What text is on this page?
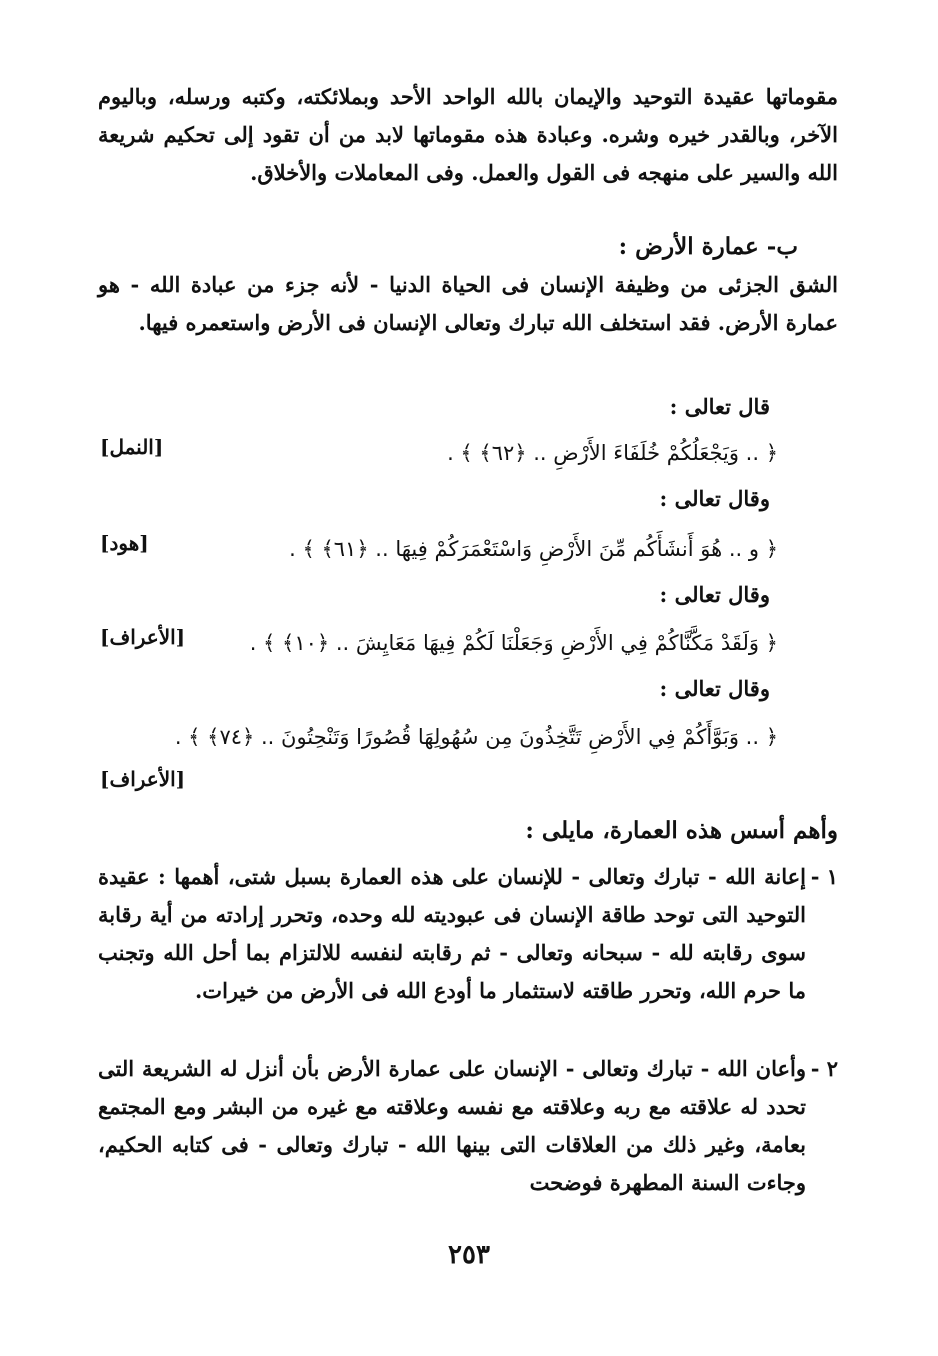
مقوماتها عقيدة التوحيد والإيمان بالله الواحد الأحد وبملائكته، وكتبه ورسله، وباليوم الآخر، وبالقدر خيره وشره. وعبادة هذه مقوماتها لابد من أن تقود إلى تحكيم شريعة الله والسير على منهجه فى القول والعمل. وفى المعاملات والأخلاق.
ب- عمارة الأرض :
الشق الجزئى من وظيفة الإنسان فى الحياة الدنيا - لأنه جزء من عبادة الله - هو عمارة الأرض. فقد استخلف الله تبارك وتعالى الإنسان فى الأرض واستعمره فيها.
قال تعالى :
﴿ .. وَيَجْعَلُكُمْ خُلَفَاءَ الأَرْضِ .. ﴿٦٢﴾ ﴾ .
[النمل]
وقال تعالى :
﴿ و .. هُوَ أَنشَأَكُم مِّنَ الأَرْضِ وَاسْتَعْمَرَكُمْ فِيهَا .. ﴿٦١﴾ ﴾ .
[هود]
وقال تعالى :
﴿ وَلَقَدْ مَكَّنَّاكُمْ فِي الأَرْضِ وَجَعَلْنَا لَكُمْ فِيهَا مَعَايِشَ .. ﴿١٠﴾ ﴾ .
[الأعراف]
وقال تعالى :
﴿ .. وَبَوَّأَكُمْ فِي الأَرْضِ تَتَّخِذُونَ مِن سُهُولِهَا قُصُورًا وَتَنْحِتُونَ .. ﴿٧٤﴾ ﴾ .
[الأعراف]
وأهم أسس هذه العمارة، مايلى :
١ -
إعانة الله - تبارك وتعالى - للإنسان على هذه العمارة بسبل شتى، أهمها : عقيدة التوحيد التى توحد طاقة الإنسان فى عبوديته لله وحده، وتحرر إرادته من أية رقابة سوى رقابته لله - سبحانه وتعالى - ثم رقابته لنفسه للالتزام بما أحل الله وتجنب ما حرم الله، وتحرر طاقته لاستثمار ما أودع الله فى الأرض من خيرات.
٢ -
وأعان الله - تبارك وتعالى - الإنسان على عمارة الأرض بأن أنزل له الشريعة التى تحدد له علاقته مع ربه وعلاقته مع نفسه وعلاقته مع غيره من البشر ومع المجتمع بعامة، وغير ذلك من العلاقات التى بينها الله - تبارك وتعالى - فى كتابه الحكيم، وجاءت السنة المطهرة فوضحت
٢٥٣
